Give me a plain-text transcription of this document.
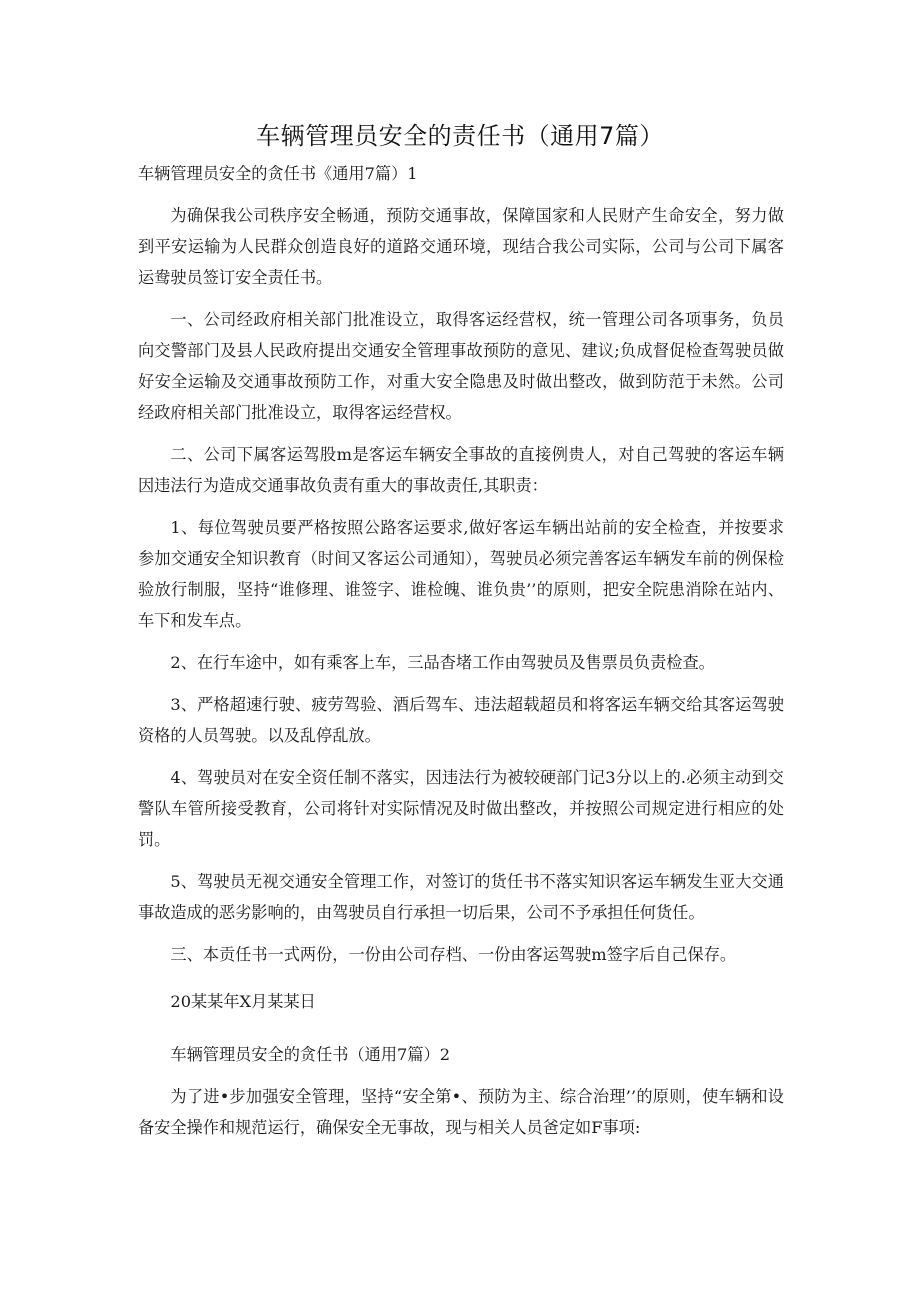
车辆管理员安全的责任书（通用7篇）

车辆管理员安全的贪任书《通用7篇）1

为确保我公司秩序安全畅通，预防交通事故，保障国家和人民财产生命安全，努力做到平安运输为人民群众创造良好的道路交通环境，现结合我公司实际，公司与公司下属客运鸯驶员签订安全责任书。

一、公司经政府相关部门批准设立，取得客运经营权，统一管理公司各项事务，负员向交警部门及县人民政府提出交通安全管理事故预防的意见、建议;负成督促检查驾驶员做好安全运输及交通事故预防工作，对重大安全隐患及时做出整改，做到防范于未然。公司经政府相关部门批准设立，取得客运经营权。

二、公司下属客运驾股m是客运车辆安全事故的直接例贵人，对自己驾驶的客运车辆因违法行为造成交通事故负责有重大的事故责任,其职责：

1、每位驾驶员要严格按照公路客运要求,做好客运车辆出站前的安全检查，并按要求参加交通安全知识教育（时间又客运公司通知），驾驶员必须完善客运车辆发车前的例保检验放行制服，坚持“谁修理、谁签字、谁检魄、谁负贵’’的原则，把安全院患消除在站内、车下和发车点。

2、在行车途中，如有乘客上车，三品杳堵工作由驾驶员及售票员负责检查。

3、严格超速行驶、疲劳驾验、酒后驾车、违法超载超员和将客运车辆交给其客运驾驶资格的人员驾驶。以及乱停乱放。

4、驾驶员对在安全资任制不落实，因违法行为被较硬部门记3分以上的.必须主动到交警队车管所接受教育，公司将针对实际情况及时做出整改，并按照公司规定进行相应的处罚。

5、驾驶员无视交通安全管理工作，对签订的货任书不落实知识客运车辆发生亚大交通事故造成的恶劣影响的，由驾驶员自行承担一切后果，公司不予承担任何货任。

三、本贡任书一式两份，一份由公司存档、一份由客运驾驶m签字后自己保存。

20某某年X月某某日

车辆管理员安全的贪任书（通用7篇）2

为了进•步加强安全管理，坚持“安全第•、预防为主、综合治理’’的原则，使车辆和设备安全操作和规范运行，确保安全无事故，现与相关人员爸定如F事项:
